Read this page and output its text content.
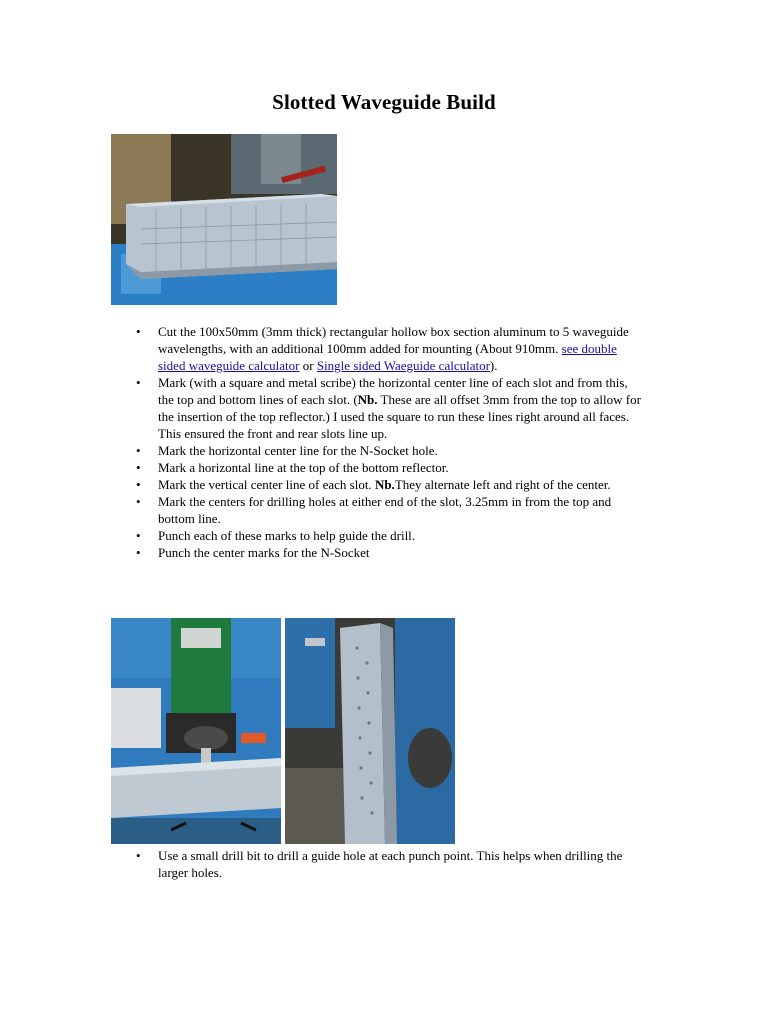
Slotted Waveguide Build
• Cut the 100x50mm (3mm thick) rectangular hollow box section aluminum to 5 waveguide wavelengths, with an additional 100mm added for mounting (About 910mm. see double sided waveguide calculator or Single sided Waeguide calculator).
• Mark (with a square and metal scribe) the horizontal center line of each slot and from this, the top and bottom lines of each slot. (Nb. These are all offset 3mm from the top to allow for the insertion of the top reflector.) I used the square to run these lines right around all faces. This ensured the front and rear slots line up.
• Mark the horizontal center line for the N-Socket hole.
• Mark a horizontal line at the top of the bottom reflector.
• Mark the vertical center line of each slot. Nb.They alternate left and right of the center.
• Mark the centers for drilling holes at either end of the slot, 3.25mm in from the top and bottom line.
• Punch each of these marks to help guide the drill.
• Punch the center marks for the N-Socket
• Use a small drill bit to drill a guide hole at each punch point. This helps when drilling the larger holes.
